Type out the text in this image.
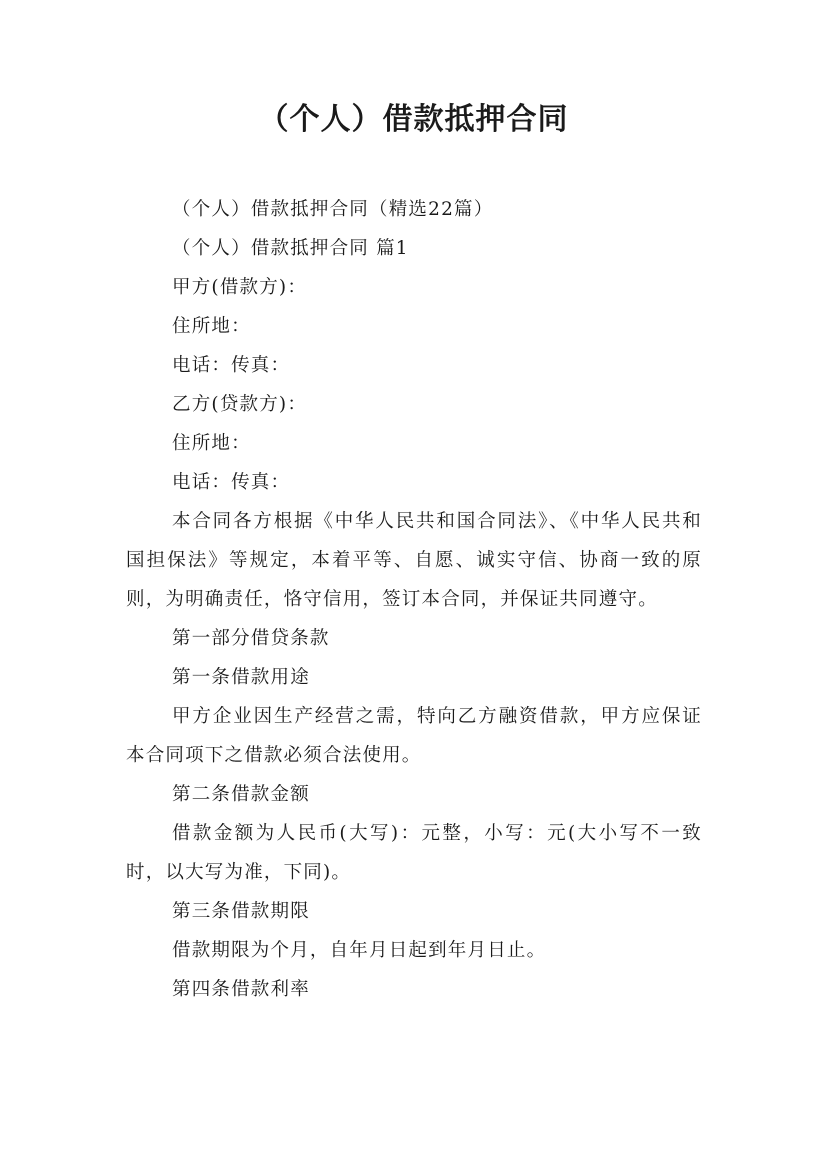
（个人）借款抵押合同

（个人）借款抵押合同（精选22篇）

（个人）借款抵押合同 篇1

甲方(借款方)：

住所地：

电话：传真：

乙方(贷款方)：

住所地：

电话：传真：

本合同各方根据《中华人民共和国合同法》、《中华人民共和国担保法》等规定，本着平等、自愿、诚实守信、协商一致的原则，为明确责任，恪守信用，签订本合同，并保证共同遵守。

第一部分借贷条款

第一条借款用途

甲方企业因生产经营之需，特向乙方融资借款，甲方应保证本合同项下之借款必须合法使用。

第二条借款金额

借款金额为人民币(大写)：元整，小写：元(大小写不一致时，以大写为准，下同)。

第三条借款期限

借款期限为个月，自年月日起到年月日止。

第四条借款利率
